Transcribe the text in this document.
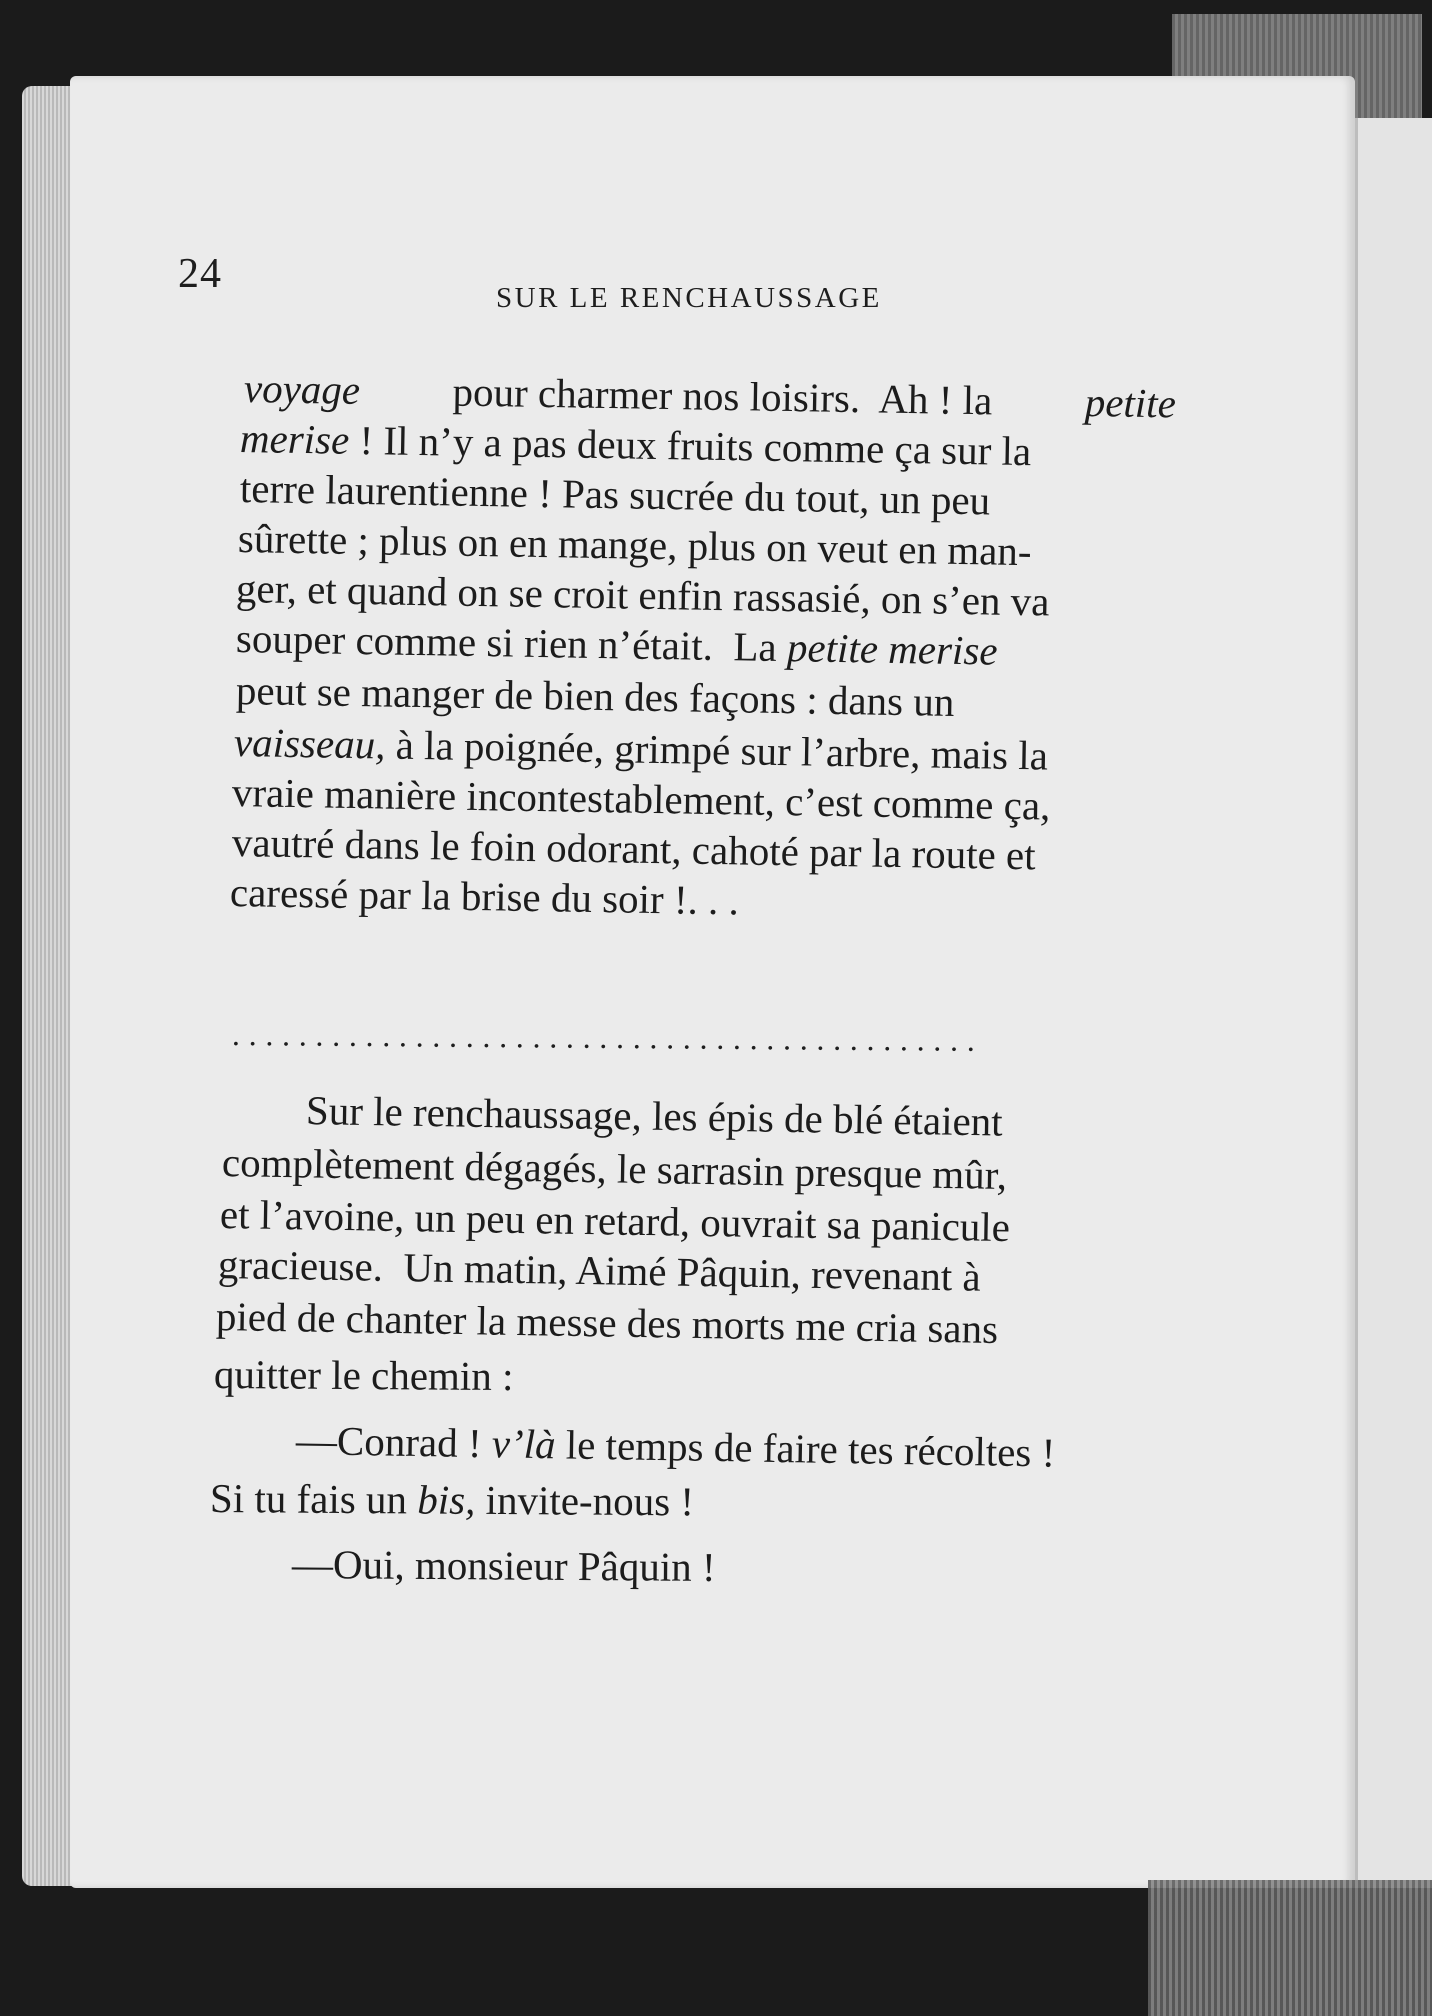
24
SUR LE RENCHAUSSAGE
voyage pour charmer nos loisirs.  Ah ! la petite
merise ! Il n’y a pas deux fruits comme ça sur la
terre laurentienne ! Pas sucrée du tout, un peu
sûrette ; plus on en mange, plus on veut en man-
ger, et quand on se croit enfin rassasié, on s’en va
souper comme si rien n’était.  La petite merise
peut se manger de bien des façons : dans un
vaisseau, à la poignée, grimpé sur l’arbre, mais la
vraie manière incontestablement, c’est comme ça,
vautré dans le foin odorant, cahoté par la route et
caressé par la brise du soir !. . .
.............................................
Sur le renchaussage, les épis de blé étaient
complètement dégagés, le sarrasin presque mûr,
et l’avoine, un peu en retard, ouvrait sa panicule
gracieuse.  Un matin, Aimé Pâquin, revenant à
pied de chanter la messe des morts me cria sans
quitter le chemin :
—Conrad ! v’là le temps de faire tes récoltes !
Si tu fais un bis, invite-nous !
—Oui, monsieur Pâquin !
